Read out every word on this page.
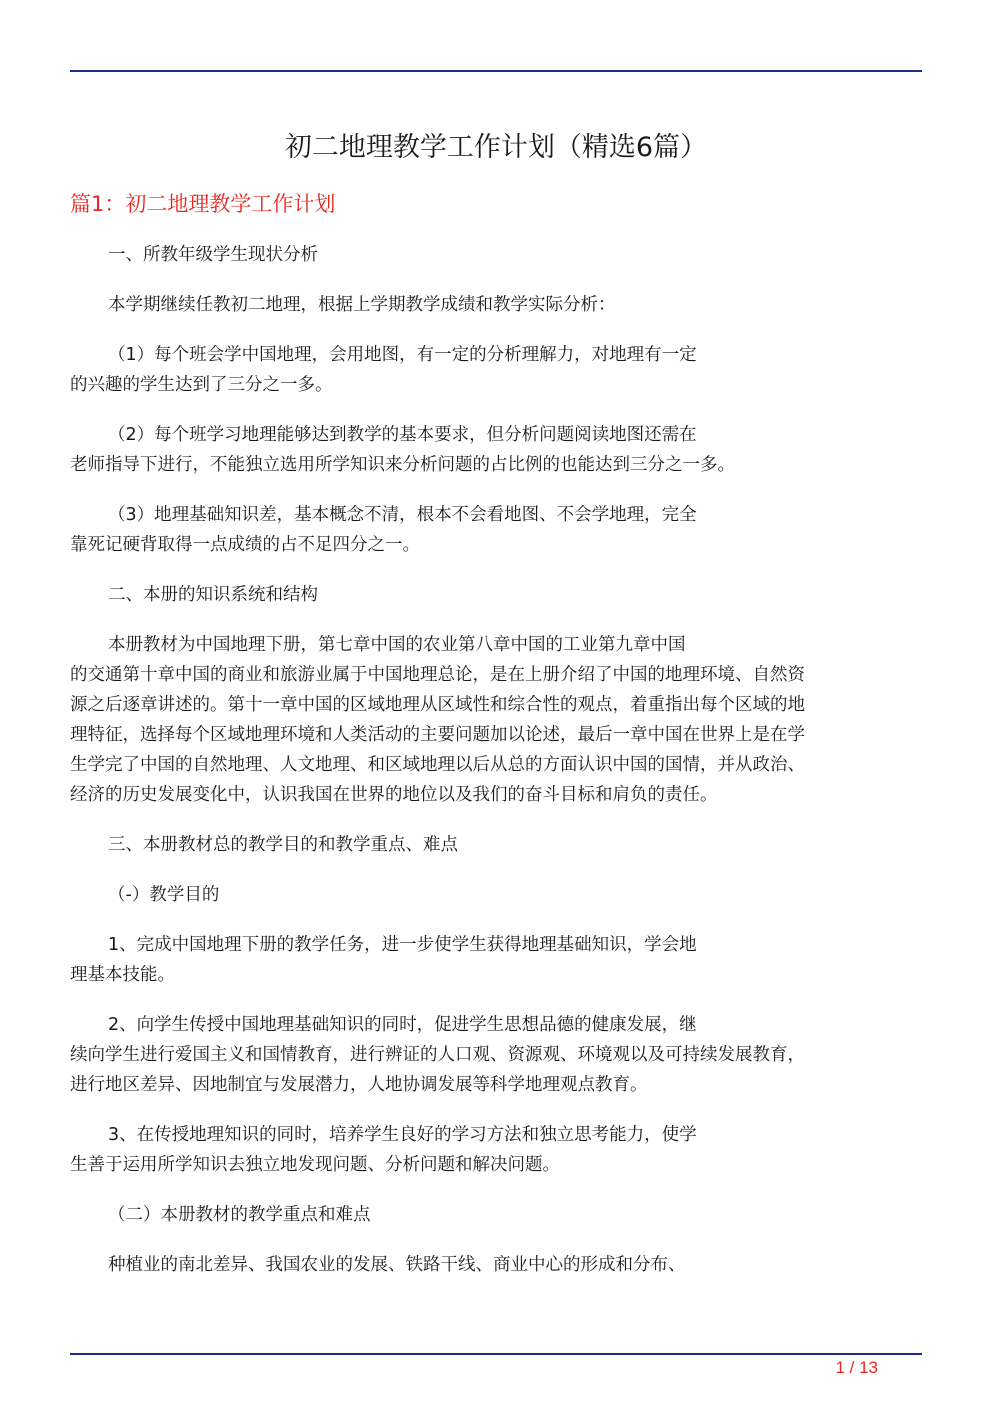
初二地理教学工作计划（精选6篇）
篇1：初二地理教学工作计划
一、所教年级学生现状分析
本学期继续任教初二地理，根据上学期教学成绩和教学实际分析：
（1）每个班会学中国地理，会用地图，有一定的分析理解力，对地理有一定
的兴趣的学生达到了三分之一多。
（2）每个班学习地理能够达到教学的基本要求，但分析问题阅读地图还需在
老师指导下进行，不能独立选用所学知识来分析问题的占比例的也能达到三分之一多。
（3）地理基础知识差，基本概念不清，根本不会看地图、不会学地理，完全
靠死记硬背取得一点成绩的占不足四分之一。
二、本册的知识系统和结构
本册教材为中国地理下册，第七章中国的农业第八章中国的工业第九章中国
的交通第十章中国的商业和旅游业属于中国地理总论，是在上册介绍了中国的地理环境、自然资
源之后逐章讲述的。第十一章中国的区域地理从区域性和综合性的观点，着重指出每个区域的地
理特征，选择每个区域地理环境和人类活动的主要问题加以论述，最后一章中国在世界上是在学
生学完了中国的自然地理、人文地理、和区域地理以后从总的方面认识中国的国情，并从政治、
经济的历史发展变化中，认识我国在世界的地位以及我们的奋斗目标和肩负的责任。
三、本册教材总的教学目的和教学重点、难点
（-）教学目的
1、完成中国地理下册的教学任务，进一步使学生获得地理基础知识，学会地
理基本技能。
2、向学生传授中国地理基础知识的同时，促进学生思想品德的健康发展，继
续向学生进行爱国主义和国情教育，进行辨证的人口观、资源观、环境观以及可持续发展教育，
进行地区差异、因地制宜与发展潜力，人地协调发展等科学地理观点教育。
3、在传授地理知识的同时，培养学生良好的学习方法和独立思考能力，使学
生善于运用所学知识去独立地发现问题、分析问题和解决问题。
（二）本册教材的教学重点和难点
种植业的南北差异、我国农业的发展、铁路干线、商业中心的形成和分布、
1 / 13
